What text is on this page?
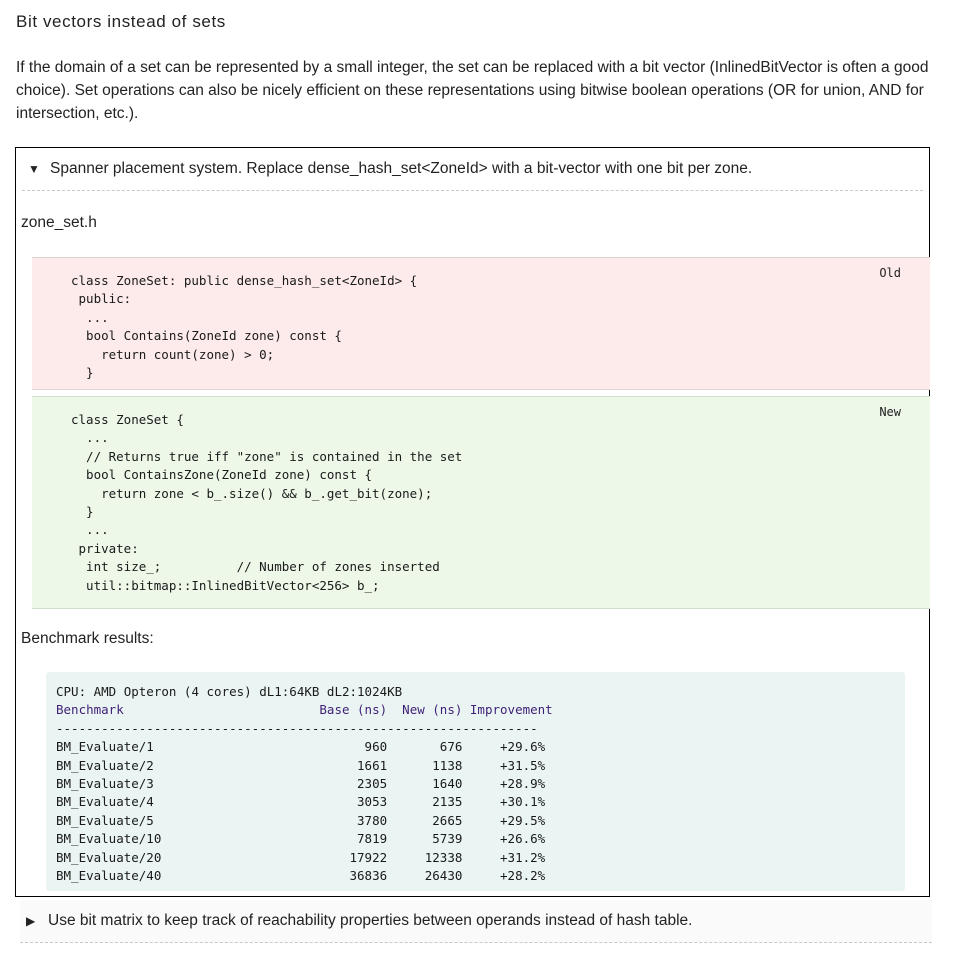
Bit vectors instead of sets

If the domain of a set can be represented by a small integer, the set can be replaced with a bit vector (InlinedBitVector is often a good choice). Set operations can also be nicely efficient on these representations using bitwise boolean operations (OR for union, AND for intersection, etc.).

▼ Spanner placement system. Replace dense_hash_set<ZoneId> with a bit-vector with one bit per zone.
zone_set.h
Old
class ZoneSet: public dense_hash_set<ZoneId> {
public:
...
bool Contains(ZoneId zone) const {
return count(zone) > 0;
}
New
class ZoneSet {
...
// Returns true iff "zone" is contained in the set
bool ContainsZone(ZoneId zone) const {
return zone < b_.size() && b_.get_bit(zone);
}
...
private:
int size_;          // Number of zones inserted
util::bitmap::InlinedBitVector<256> b_;
Benchmark results:
CPU: AMD Opteron (4 cores) dL1:64KB dL2:1024KB
Benchmark                          Base (ns)  New (ns) Improvement
----------------------------------------------------------------
BM_Evaluate/1                            960       676     +29.6%
BM_Evaluate/2                           1661      1138     +31.5%
BM_Evaluate/3                           2305      1640     +28.9%
BM_Evaluate/4                           3053      2135     +30.1%
BM_Evaluate/5                           3780      2665     +29.5%
BM_Evaluate/10                          7819      5739     +26.6%
BM_Evaluate/20                         17922     12338     +31.2%
BM_Evaluate/40                         36836     26430     +28.2%
▶ Use bit matrix to keep track of reachability properties between operands instead of hash table.
